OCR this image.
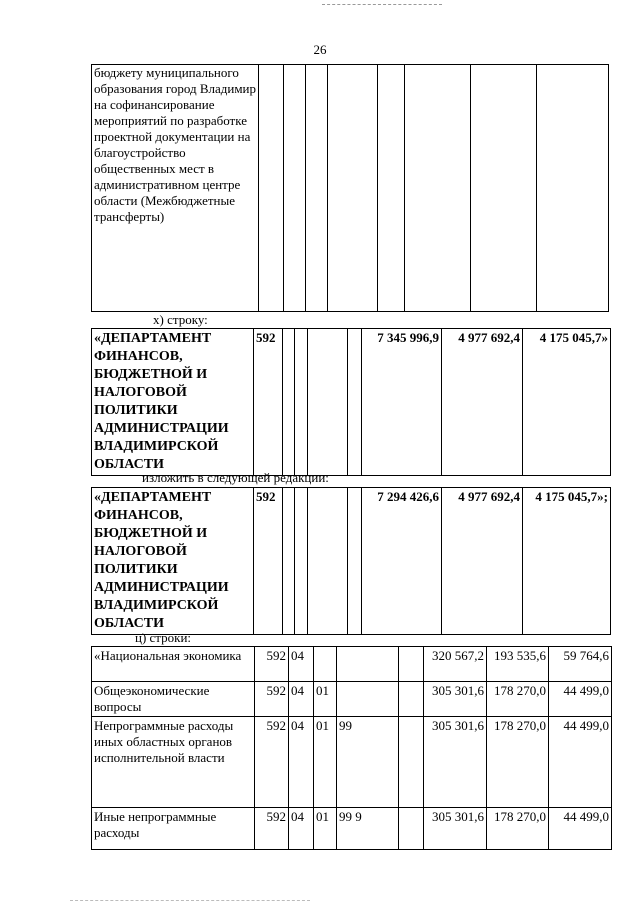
26
бюджету муниципального образования город Владимир на софинансирование мероприятий по разработке проектной документации на благоустройство общественных мест в административном центре области (Межбюджетные трансферты)								
х) строку:
«ДЕПАРТАМЕНТ ФИНАНСОВ, БЮДЖЕТНОЙ И НАЛОГОВОЙ ПОЛИТИКИ АДМИНИСТРАЦИИ ВЛАДИМИРСКОЙ ОБЛАСТИ	592					7 345 996,9	4 977 692,4	4 175 045,7»
изложить в следующей редакции:
«ДЕПАРТАМЕНТ ФИНАНСОВ, БЮДЖЕТНОЙ И НАЛОГОВОЙ ПОЛИТИКИ АДМИНИСТРАЦИИ ВЛАДИМИРСКОЙ ОБЛАСТИ	592					7 294 426,6	4 977 692,4	4 175 045,7»;
ц) строки:
«Национальная экономика	592	04				320 567,2	193 535,6	59 764,6
Общеэкономические вопросы	592	04	01			305 301,6	178 270,0	44 499,0
Непрограммные расходы иных областных органов исполнительной власти	592	04	01	99		305 301,6	178 270,0	44 499,0
Иные непрограммные расходы	592	04	01	99 9		305 301,6	178 270,0	44 499,0
